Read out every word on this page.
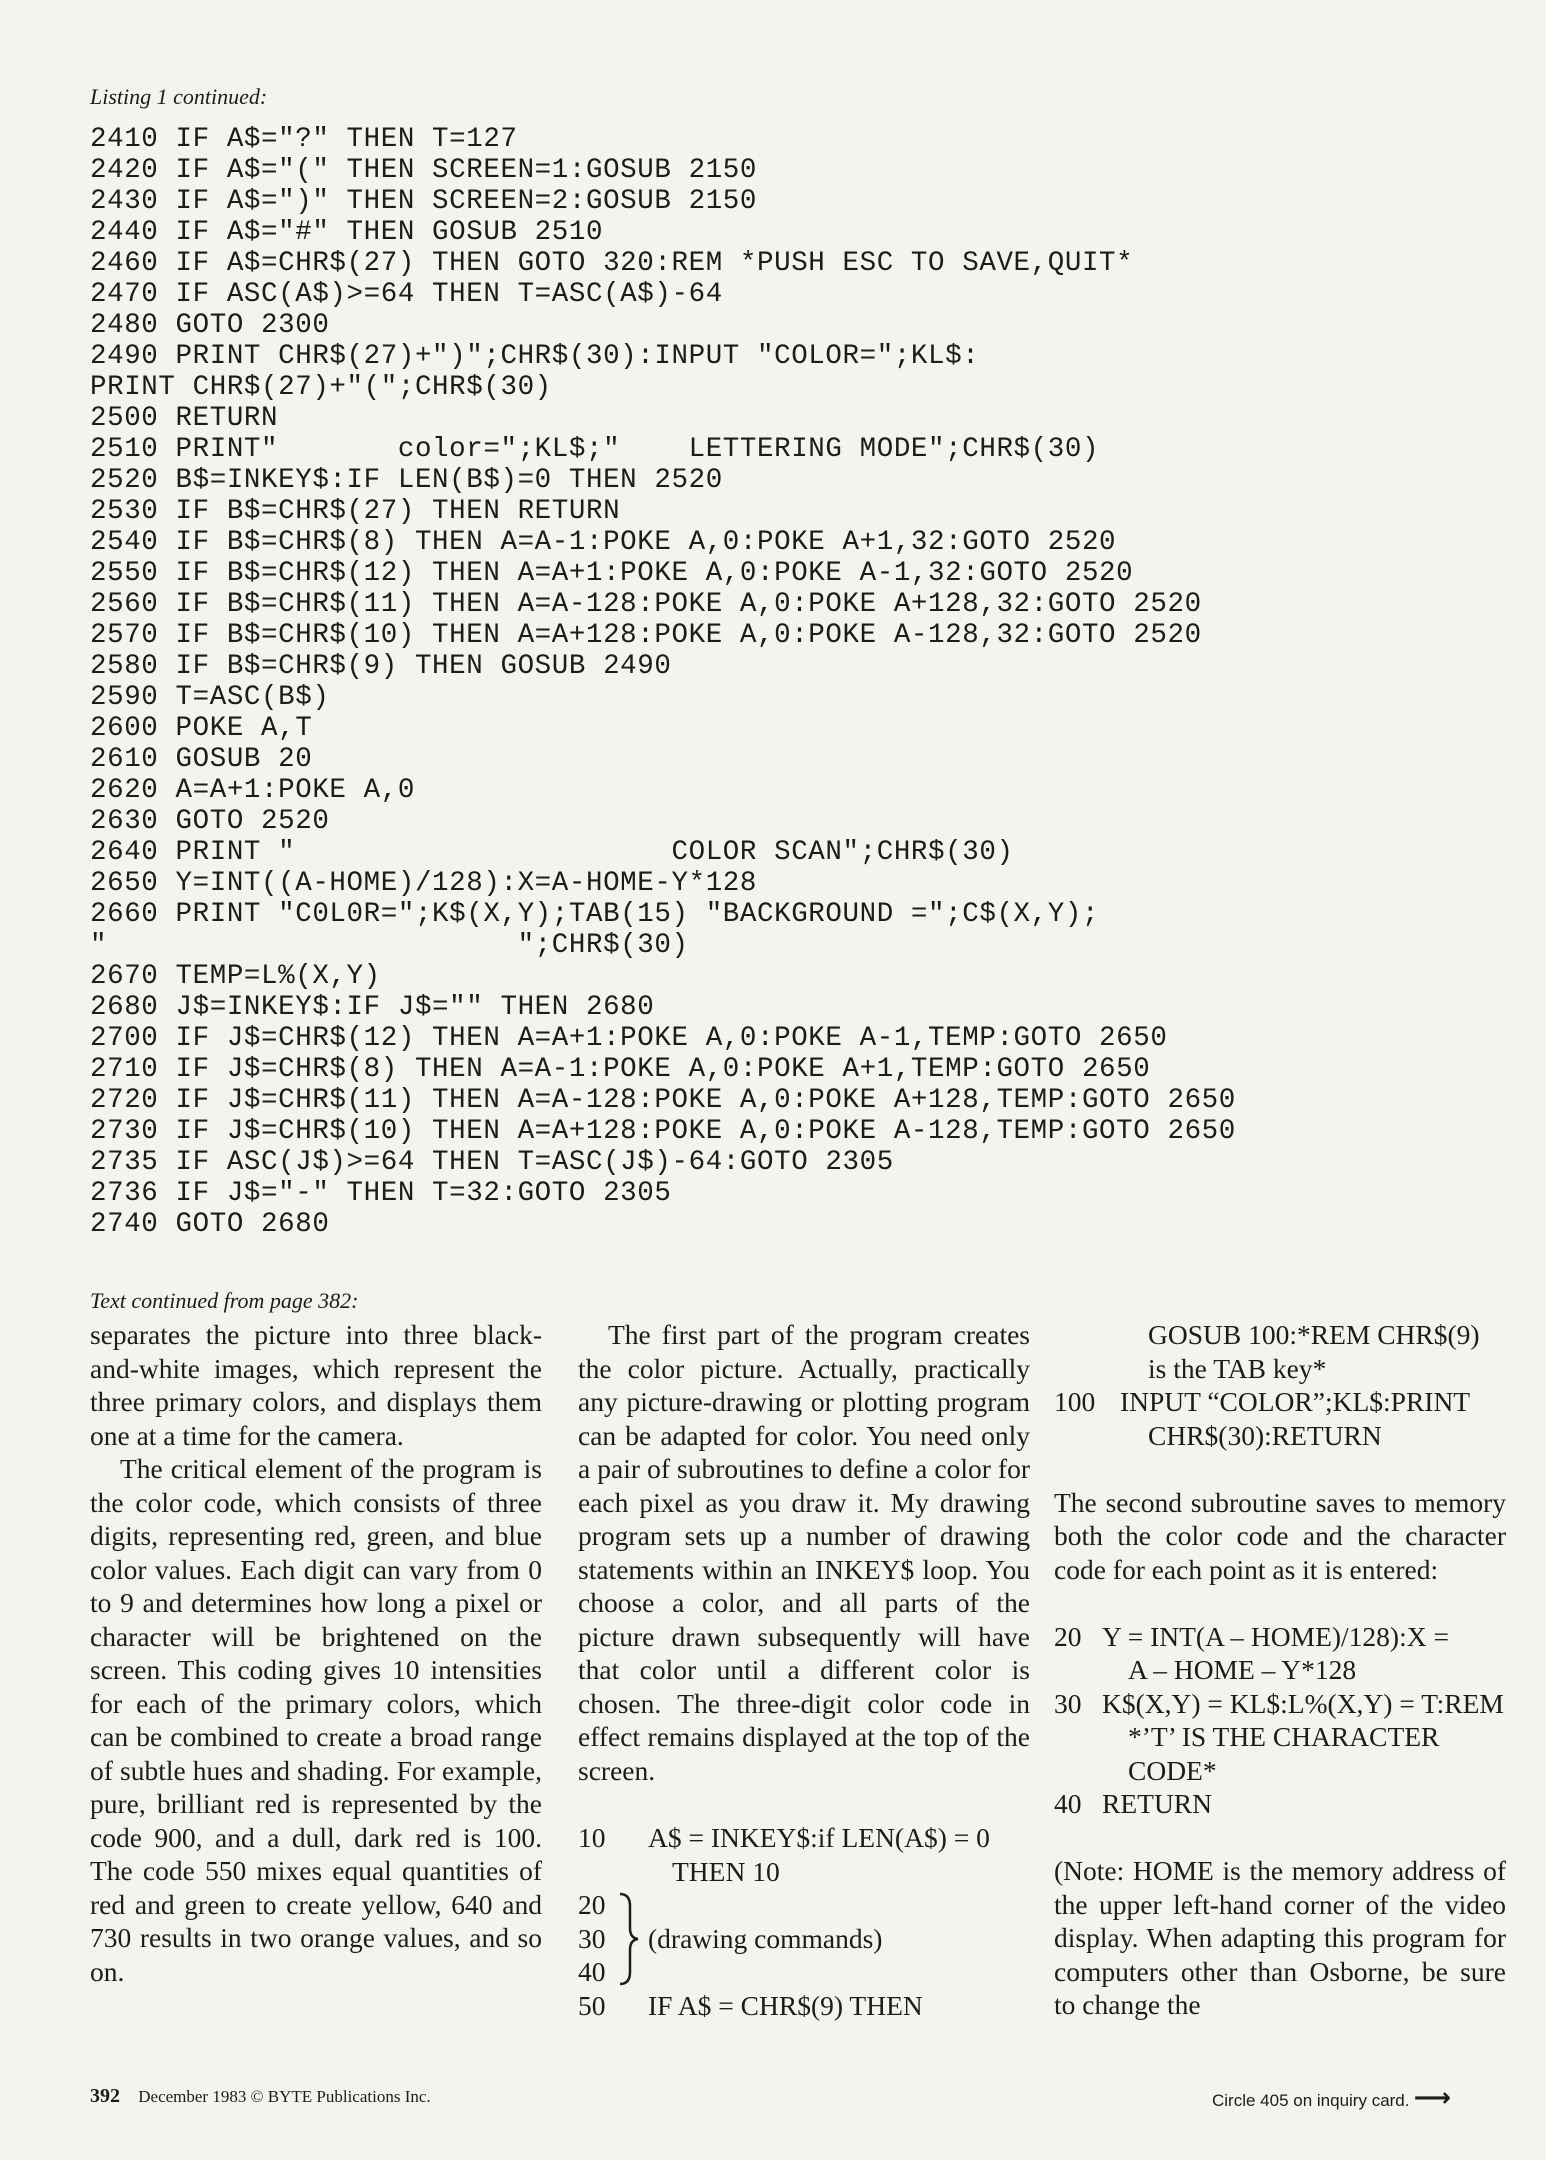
Listing 1 continued:
2410 IF A$="?" THEN T=127
2420 IF A$="(" THEN SCREEN=1:GOSUB 2150
2430 IF A$=")" THEN SCREEN=2:GOSUB 2150
2440 IF A$="#" THEN GOSUB 2510
2460 IF A$=CHR$(27) THEN GOTO 320:REM *PUSH ESC TO SAVE,QUIT*
2470 IF ASC(A$)>=64 THEN T=ASC(A$)-64
2480 GOTO 2300
2490 PRINT CHR$(27)+")";CHR$(30):INPUT "COLOR=";KL$:
PRINT CHR$(27)+"(";CHR$(30)
2500 RETURN
2510 PRINT"       color=";KL$;"    LETTERING MODE";CHR$(30)
2520 B$=INKEY$:IF LEN(B$)=0 THEN 2520
2530 IF B$=CHR$(27) THEN RETURN
2540 IF B$=CHR$(8) THEN A=A-1:POKE A,0:POKE A+1,32:GOTO 2520
2550 IF B$=CHR$(12) THEN A=A+1:POKE A,0:POKE A-1,32:GOTO 2520
2560 IF B$=CHR$(11) THEN A=A-128:POKE A,0:POKE A+128,32:GOTO 2520
2570 IF B$=CHR$(10) THEN A=A+128:POKE A,0:POKE A-128,32:GOTO 2520
2580 IF B$=CHR$(9) THEN GOSUB 2490
2590 T=ASC(B$)
2600 POKE A,T
2610 GOSUB 20
2620 A=A+1:POKE A,0
2630 GOTO 2520
2640 PRINT "                      COLOR SCAN";CHR$(30)
2650 Y=INT((A-HOME)/128):X=A-HOME-Y*128
2660 PRINT "C0L0R=";K$(X,Y);TAB(15) "BACKGROUND =";C$(X,Y);
"                        ";CHR$(30)
2670 TEMP=L%(X,Y)
2680 J$=INKEY$:IF J$="" THEN 2680
2700 IF J$=CHR$(12) THEN A=A+1:POKE A,0:POKE A-1,TEMP:GOTO 2650
2710 IF J$=CHR$(8) THEN A=A-1:POKE A,0:POKE A+1,TEMP:GOTO 2650
2720 IF J$=CHR$(11) THEN A=A-128:POKE A,0:POKE A+128,TEMP:GOTO 2650
2730 IF J$=CHR$(10) THEN A=A+128:POKE A,0:POKE A-128,TEMP:GOTO 2650
2735 IF ASC(J$)>=64 THEN T=ASC(J$)-64:GOTO 2305
2736 IF J$="-" THEN T=32:GOTO 2305
2740 GOTO 2680
Text continued from page 382:

separates the picture into three black-and-white images, which represent the three primary colors, and displays them one at a time for the camera.

The critical element of the program is the color code, which consists of three digits, representing red, green, and blue color values. Each digit can vary from 0 to 9 and determines how long a pixel or character will be brightened on the screen. This coding gives 10 intensities for each of the primary colors, which can be combined to create a broad range of subtle hues and shading. For example, pure, brilliant red is represented by the code 900, and a dull, dark red is 100. The code 550 mixes equal quantities of red and green to create yellow, 640 and 730 results in two orange values, and so on.

The first part of the program creates the color picture. Actually, practically any picture-drawing or plotting program can be adapted for color. You need only a pair of subroutines to define a color for each pixel as you draw it. My drawing program sets up a number of drawing statements within an INKEY$ loop. You choose a color, and all parts of the picture drawn subsequently will have that color until a different color is chosen. The three-digit color code in effect remains displayed at the top of the screen.

10 A$ = INKEY$:if LEN(A$) = 0
THEN 10
20
30
40
(drawing commands)
50 IF A$ = CHR$(9) THEN
GOSUB 100:*REM CHR$(9)
is the TAB key*
100 INPUT “COLOR”;KL$:PRINT
CHR$(30):RETURN

The second subroutine saves to memory both the color code and the character code for each point as it is entered:

20 Y = INT(A – HOME)/128):X =
A – HOME – Y*128
30 K$(X,Y) = KL$:L%(X,Y) = T:REM
*’T’ IS THE CHARACTER
CODE*
40 RETURN

(Note: HOME is the memory address of the upper left-hand corner of the video display. When adapting this program for computers other than Osborne, be sure to change the

392 December 1983 © BYTE Publications Inc.	Circle 405 on inquiry card. ⟶
